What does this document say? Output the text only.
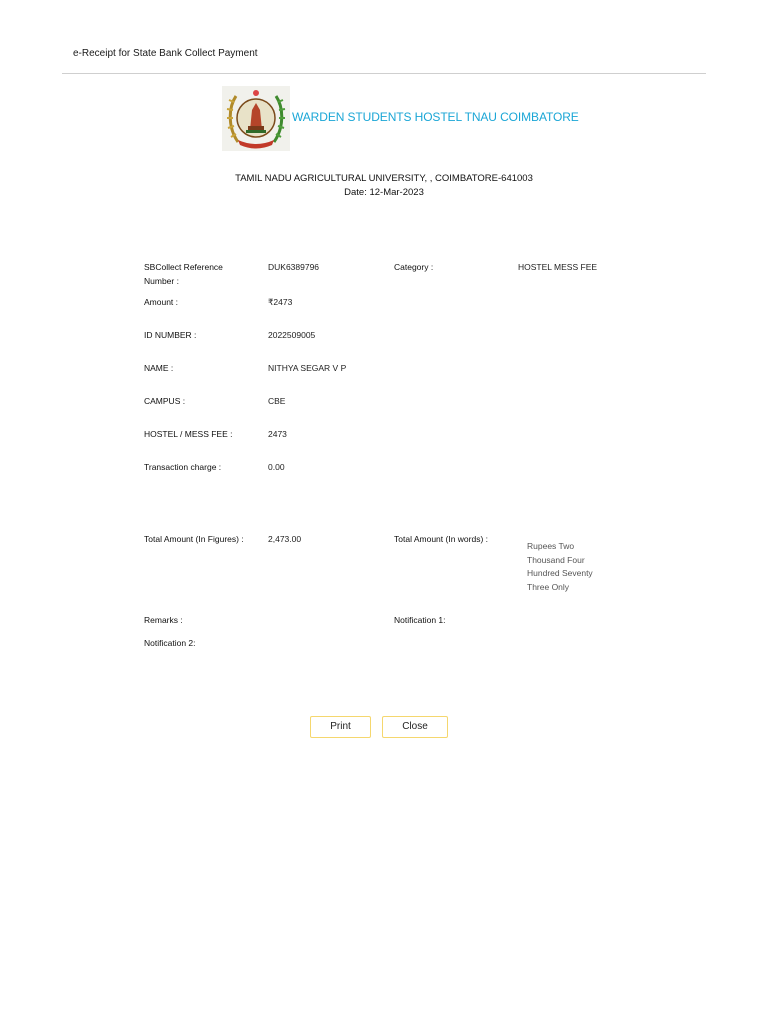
e-Receipt for State Bank Collect Payment
WARDEN STUDENTS HOSTEL TNAU COIMBATORE
TAMIL NADU AGRICULTURAL UNIVERSITY, , COIMBATORE-641003
Date: 12-Mar-2023
SBCollect Reference Number :
DUK6389796	Category :	HOSTEL MESS FEE
Amount :	₹2473
ID NUMBER :	2022509005
NAME :	NITHYA SEGAR V P
CAMPUS :	CBE
HOSTEL / MESS FEE :	2473
Transaction charge :	0.00
Total Amount (In Figures) :	2,473.00	Total Amount (In words) :
Rupees Two Thousand Four Hundred Seventy Three Only
Remarks :	Notification 1:
Notification 2:
Print	Close
